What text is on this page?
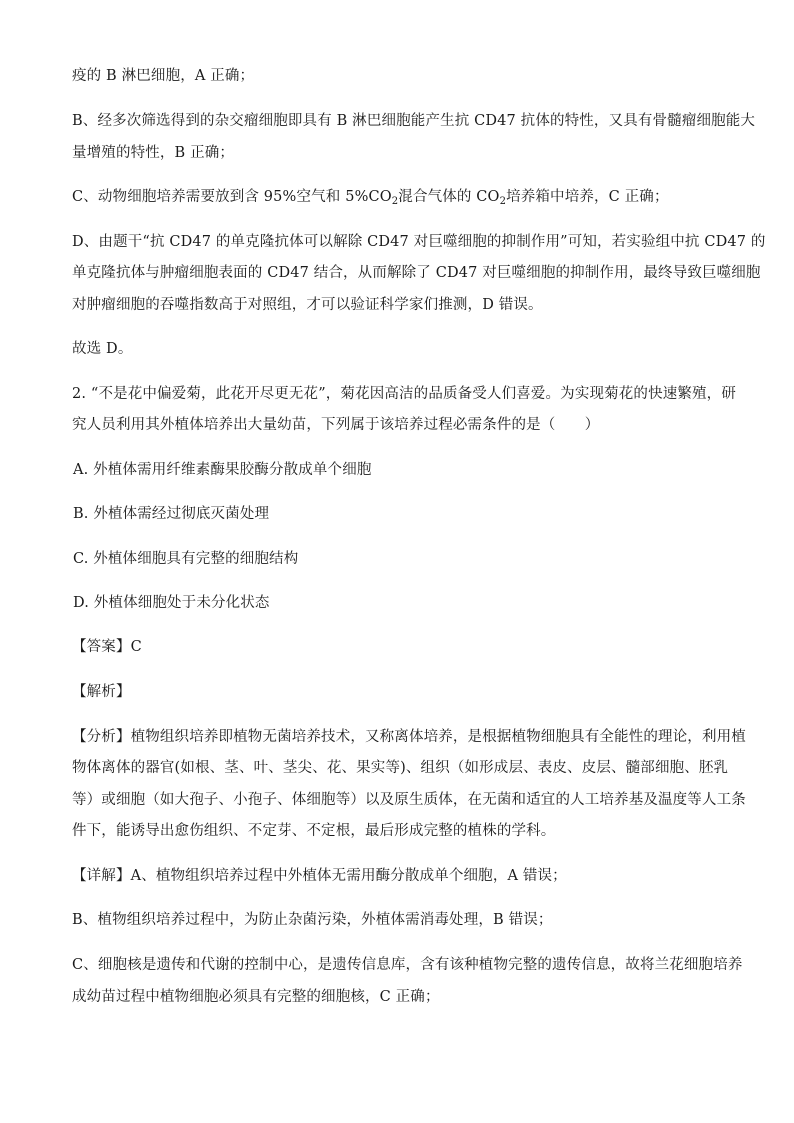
疫的 B 淋巴细胞，A 正确；
B、经多次筛选得到的杂交瘤细胞即具有 B 淋巴细胞能产生抗 CD47 抗体的特性，又具有骨髓瘤细胞能大
量增殖的特性，B 正确；
C、动物细胞培养需要放到含 95%空气和 $5\%CO_2$混合气体的 $CO_2$培养箱中培养，C 正确；
D、由题干“抗 CD47 的单克隆抗体可以解除 CD47 对巨噬细胞的抑制作用”可知，若实验组中抗 CD47 的
单克隆抗体与肿瘤细胞表面的 CD47 结合，从而解除了 CD47 对巨噬细胞的抑制作用，最终导致巨噬细胞
对肿瘤细胞的吞噬指数高于对照组，才可以验证科学家们推测，D 错误。
故选 D。
2. “不是花中偏爱菊，此花开尽更无花”，菊花因高洁的品质备受人们喜爱。为实现菊花的快速繁殖，研
究人员利用其外植体培养出大量幼苗，下列属于该培养过程必需条件的是（　　）
A. 外植体需用纤维素酶果胶酶分散成单个细胞
B. 外植体需经过彻底灭菌处理
C. 外植体细胞具有完整的细胞结构
D. 外植体细胞处于未分化状态
【答案】C
【解析】
【分析】植物组织培养即植物无菌培养技术，又称离体培养，是根据植物细胞具有全能性的理论，利用植
物体离体的器官(如根、茎、叶、茎尖、花、果实等)、组织（如形成层、表皮、皮层、髓部细胞、胚乳
等）或细胞（如大孢子、小孢子、体细胞等）以及原生质体，在无菌和适宜的人工培养基及温度等人工条
件下，能诱导出愈伤组织、不定芽、不定根，最后形成完整的植株的学科。
【详解】A、植物组织培养过程中外植体无需用酶分散成单个细胞，A 错误；
B、植物组织培养过程中，为防止杂菌污染，外植体需消毒处理，B 错误；
C、细胞核是遗传和代谢的控制中心，是遗传信息库，含有该种植物完整的遗传信息，故将兰花细胞培养
成幼苗过程中植物细胞必须具有完整的细胞核，C 正确；
